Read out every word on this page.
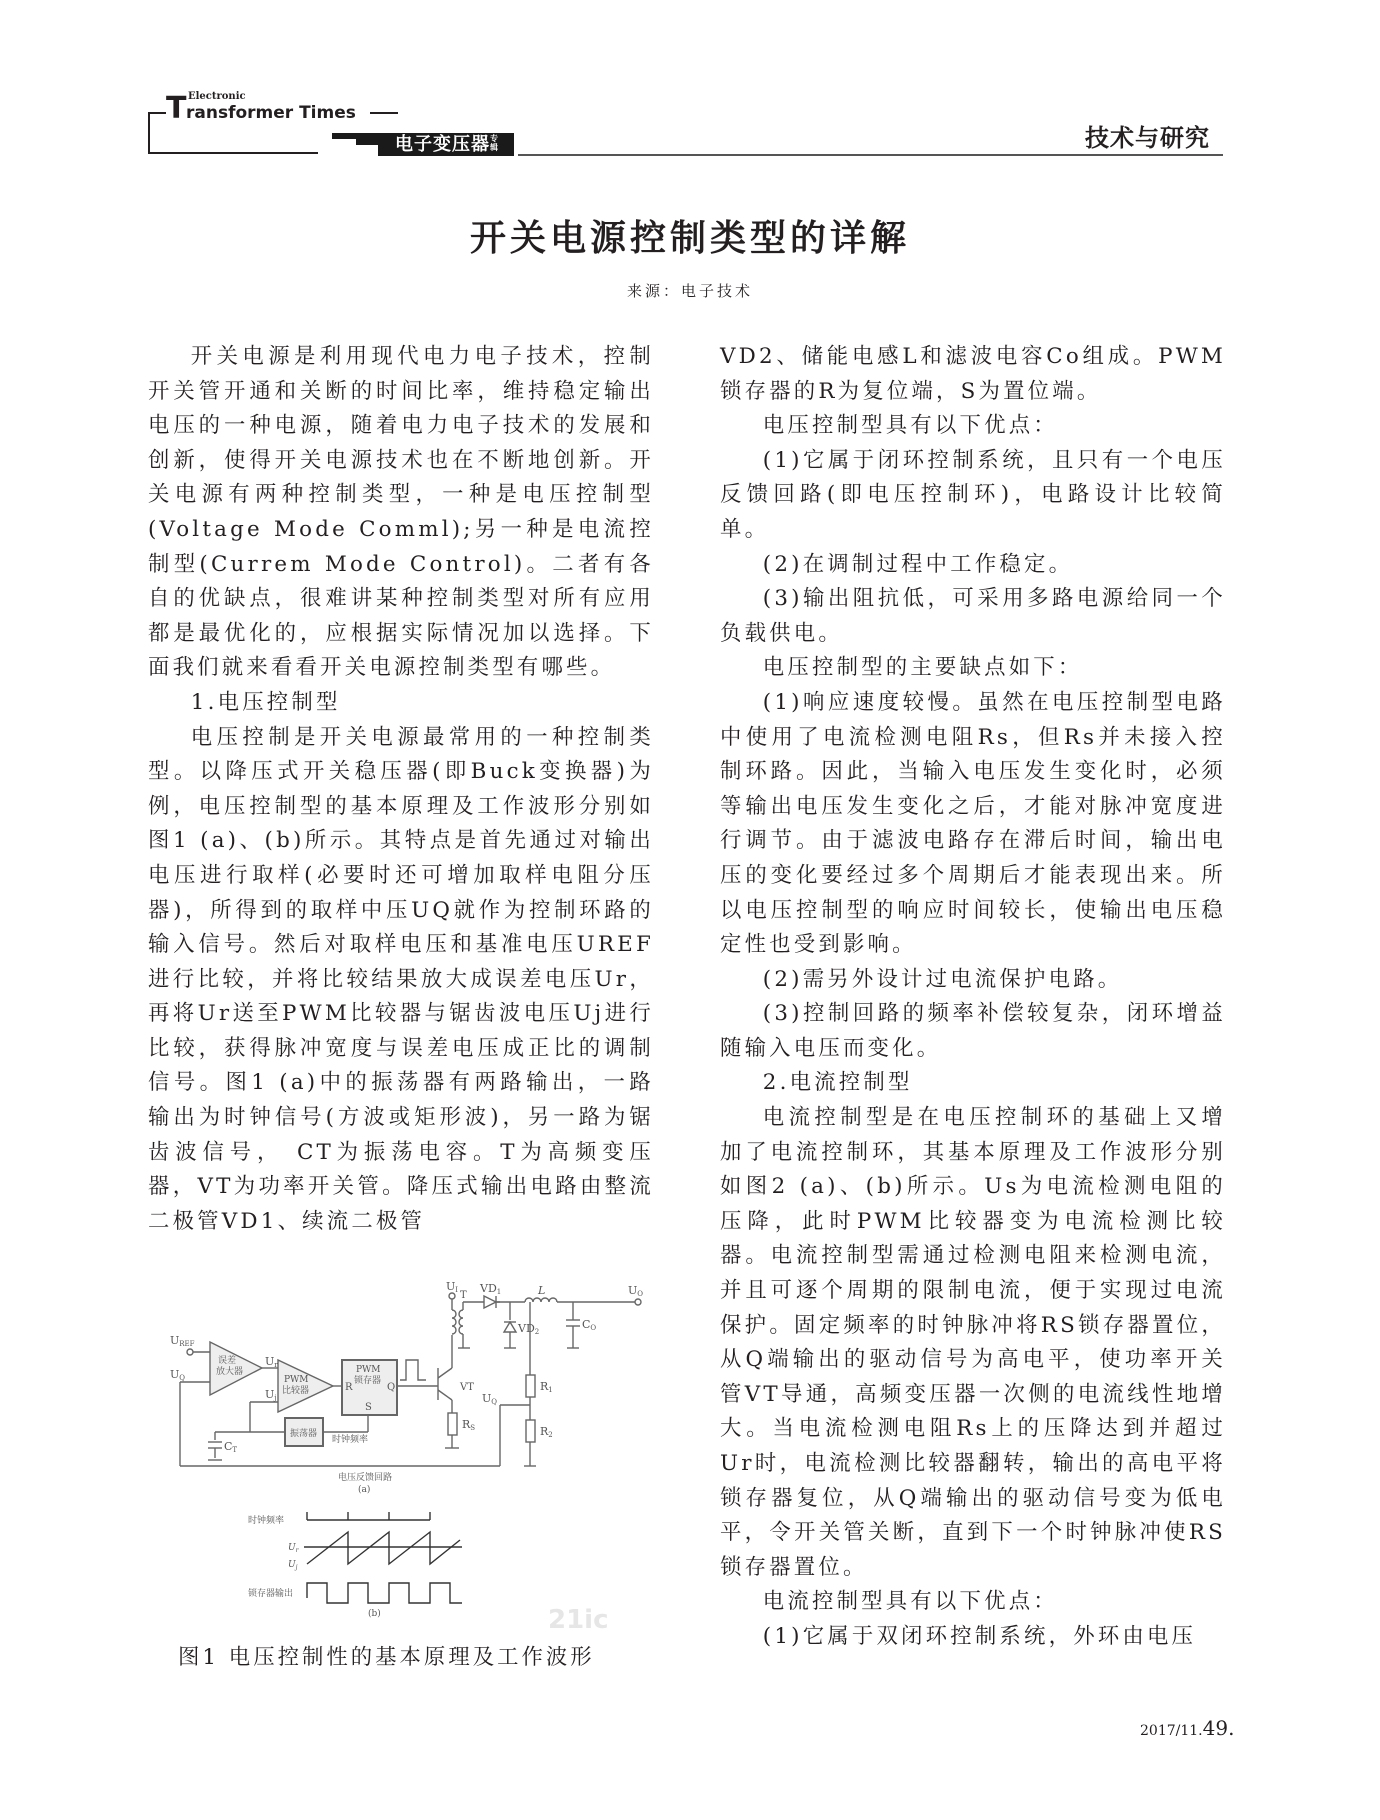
T Electronic
ransformer Times
电子变压器专辑	技术与研究
开关电源控制类型的详解
来源：电子技术

开关电源是利用现代电力电子技术，控制开关管开通和关断的时间比率，维持稳定输出电压的一种电源，随着电力电子技术的发展和创新，使得开关电源技术也在不断地创新。开关电源有两种控制类型，一种是电压控制型 (Voltage Mode Comml);另一种是电流控制型(Currem Mode Control)。二者有各自的优缺点，很难讲某种控制类型对所有应用都是最优化的，应根据实际情况加以选择。下面我们就来看看开关电源控制类型有哪些。

1.电压控制型

电压控制是开关电源最常用的一种控制类型。以降压式开关稳压器(即Buck变换器)为例，电压控制型的基本原理及工作波形分别如图1 (a)、(b)所示。其特点是首先通过对输出电压进行取样(必要时还可增加取样电阻分压器)，所得到的取样中压UQ就作为控制环路的输入信号。然后对取样电压和基准电压UREF进行比较，并将比较结果放大成误差电压Ur，再将Ur送至PWM比较器与锯齿波电压Uj进行比较，获得脉冲宽度与误差电压成正比的调制信号。图1 (a)中的振荡器有两路输出，一路输出为时钟信号(方波或矩形波)，另一路为锯齿波信号， CT为振荡电容。T为高频变压器，VT为功率开关管。降压式输出电路由整流二极管VD1、续流二极管

VD2、储能电感L和滤波电容Co组成。PWM锁存器的R为复位端，S为置位端。

电压控制型具有以下优点：

(1)它属于闭环控制系统，且只有一个电压反馈回路(即电压控制环)，电路设计比较简单。

(2)在调制过程中工作稳定。

(3)输出阻抗低，可采用多路电源给同一个负载供电。

电压控制型的主要缺点如下：

(1)响应速度较慢。虽然在电压控制型电路中使用了电流检测电阻Rs，但Rs并未接入控制环路。因此，当输入电压发生变化时，必须等输出电压发生变化之后，才能对脉冲宽度进行调节。由于滤波电路存在滞后时间，输出电压的变化要经过多个周期后才能表现出来。所以电压控制型的响应时间较长，使输出电压稳定性也受到影响。

(2)需另外设计过电流保护电路。

(3)控制回路的频率补偿较复杂，闭环增益随输入电压而变化。

2.电流控制型

电流控制型是在电压控制环的基础上又增加了电流控制环，其基本原理及工作波形分别如图2 (a)、(b)所示。Us为电流检测电阻的压降，此时PWM比较器变为电流检测比较器。电流控制型需通过检测电阻来检测电流，并且可逐个周期的限制电流，便于实现过电流保护。固定频率的时钟脉冲将RS锁存器置位，从Q端输出的驱动信号为高电平，使功率开关管VT导通，高频变压器一次侧的电流线性地增大。当电流检测电阻Rs上的压降达到并超过Ur时，电流检测比较器翻转，输出的高电平将锁存器复位，从Q端输出的驱动信号变为低电平，令开关管关断，直到下一个时钟脉冲使RS锁存器置位。

电流控制型具有以下优点：

(1)它属于双闭环控制系统，外环由电压

UREF
UQ
误差
放大器
Ur
Uj
PWM
比较器
PWM
锁存器
R	Q
S
振荡器
时钟频率
CT
UI T
VD1
VD2
L
CO
UO
VT
RS
R1
R2
UQ
电压反馈回路
(a)
时钟频率
$U_r$
$U_j$
锁存器输出
(b)	21ic
图1 电压控制性的基本原理及工作波形
2017/11.49.
